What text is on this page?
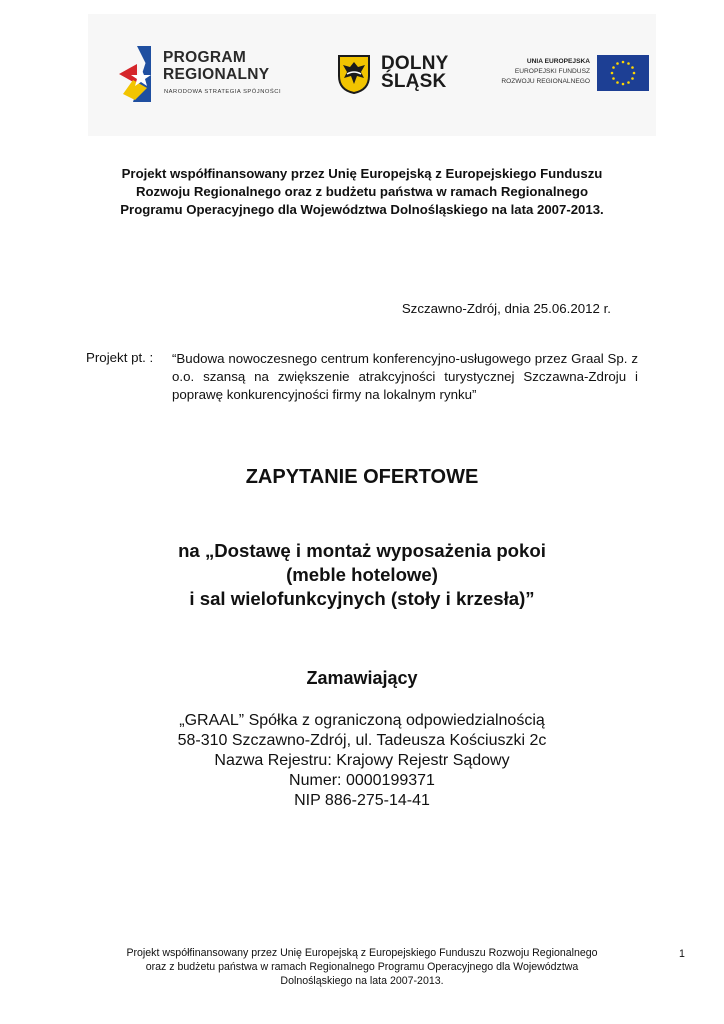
PROGRAM
REGIONALNY
NARODOWA STRATEGIA SPÓJNOŚCI
DOLNY
ŚLĄSK
UNIA EUROPEJSKA
EUROPEJSKI FUNDUSZ
ROZWOJU REGIONALNEGO
Projekt współfinansowany przez Unię Europejską z Europejskiego Funduszu
Rozwoju Regionalnego oraz z budżetu państwa w ramach Regionalnego
Programu Operacyjnego dla Województwa Dolnośląskiego na lata 2007-2013.
Szczawno-Zdrój, dnia 25.06.2012 r.
Projekt pt. : “Budowa nowoczesnego centrum konferencyjno-usługowego przez Graal Sp. z o.o. szansą na zwiększenie atrakcyjności turystycznej Szczawna-Zdroju i poprawę konkurencyjności firmy na lokalnym rynku”
ZAPYTANIE OFERTOWE
na „Dostawę i montaż wyposażenia pokoi
(meble hotelowe)
i sal wielofunkcyjnych (stoły i krzesła)”
Zamawiający
„GRAAL” Spółka z ograniczoną odpowiedzialnością
58-310 Szczawno-Zdrój, ul. Tadeusza Kościuszki 2c
Nazwa Rejestru: Krajowy Rejestr Sądowy
Numer: 0000199371
NIP 886-275-14-41
Projekt współfinansowany przez Unię Europejską z Europejskiego Funduszu Rozwoju Regionalnego
oraz z budżetu państwa w ramach Regionalnego Programu Operacyjnego dla Województwa
Dolnośląskiego na lata 2007-2013.
1
